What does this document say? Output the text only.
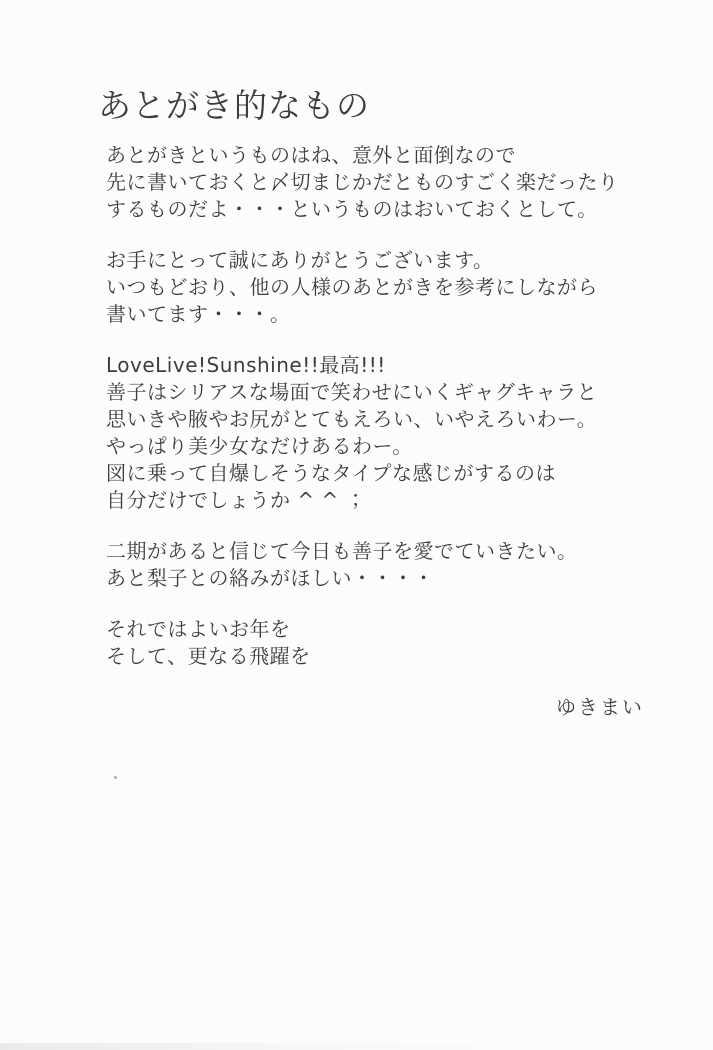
あとがき的なもの

あとがきというものはね、意外と面倒なので
先に書いておくと〆切まじかだとものすごく楽だったり
するものだよ・・・というものはおいておくとして。

お手にとって誠にありがとうございます。
いつもどおり、他の人様のあとがきを参考にしながら
書いてます・・・。

LoveLive!Sunshine!!最高!!!
善子はシリアスな場面で笑わせにいくギャグキャラと
思いきや腋やお尻がとてもえろい、いやえろいわー。
やっぱり美少女なだけあるわー。
図に乗って自爆しそうなタイプな感じがするのは
自分だけでしょうか ^ ^ ；

二期があると信じて今日も善子を愛でていきたい。
あと梨子との絡みがほしい・・・・

それではよいお年を
そして、更なる飛躍を

ゆきまい
